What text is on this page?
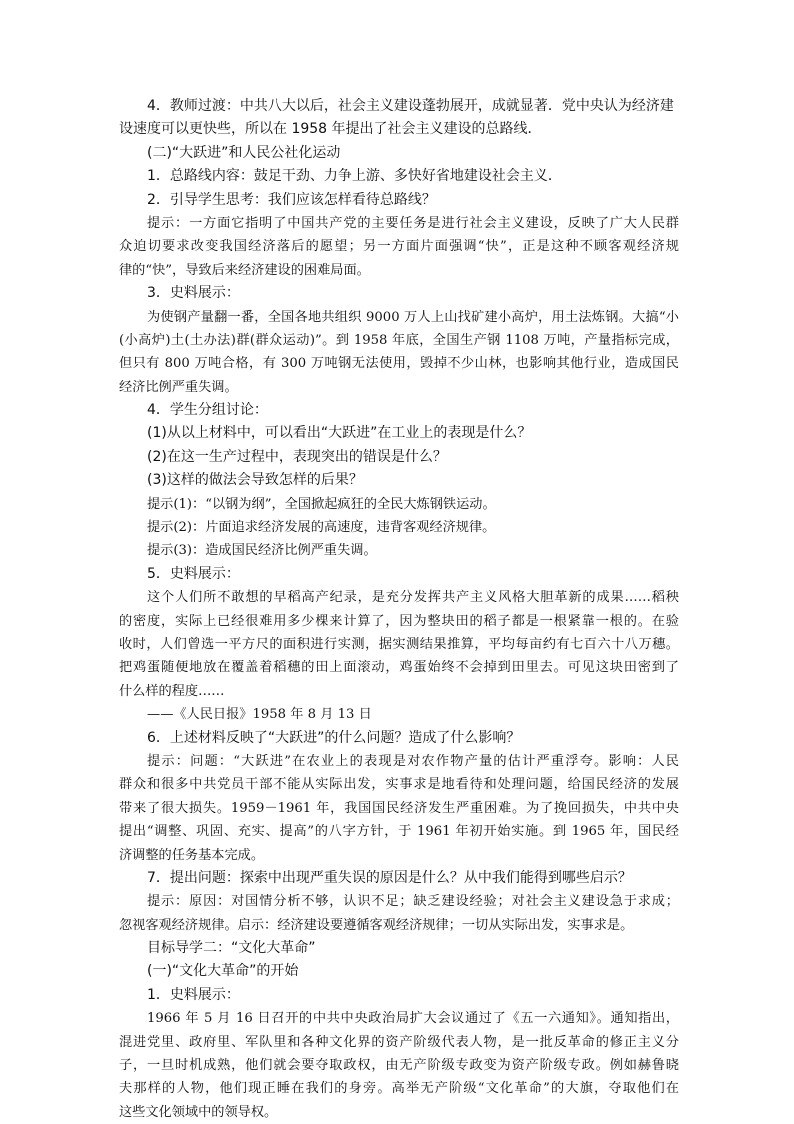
4．教师过渡：中共八大以后，社会主义建设蓬勃展开，成就显著．党中央认为经济建
设速度可以更快些，所以在 1958 年提出了社会主义建设的总路线．
(二)“大跃进”和人民公社化运动
1．总路线内容：鼓足干劲、力争上游、多快好省地建设社会主义．
2．引导学生思考：我们应该怎样看待总路线？
提示：一方面它指明了中国共产党的主要任务是进行社会主义建设，反映了广大人民群
众迫切要求改变我国经济落后的愿望；另一方面片面强调“快”，正是这种不顾客观经济规
律的“快”，导致后来经济建设的困难局面。
3．史料展示：
为使钢产量翻一番，全国各地共组织 9000 万人上山找矿建小高炉，用土法炼钢。大搞“小
(小高炉)土(土办法)群(群众运动)”。到 1958 年底，全国生产钢 1108 万吨，产量指标完成，
但只有 800 万吨合格，有 300 万吨钢无法使用，毁掉不少山林，也影响其他行业，造成国民
经济比例严重失调。
4．学生分组讨论：
(1)从以上材料中，可以看出“大跃进”在工业上的表现是什么？
(2)在这一生产过程中，表现突出的错误是什么？
(3)这样的做法会导致怎样的后果？
提示(1)：“以钢为纲”，全国掀起疯狂的全民大炼钢铁运动。
提示(2)：片面追求经济发展的高速度，违背客观经济规律。
提示(3)：造成国民经济比例严重失调。
5．史料展示：
这个人们所不敢想的早稻高产纪录，是充分发挥共产主义风格大胆革新的成果……稻秧
的密度，实际上已经很难用多少棵来计算了，因为整块田的稻子都是一根紧靠一根的。在验
收时，人们曾选一平方尺的面积进行实测，据实测结果推算，平均每亩约有七百六十八万穗。
把鸡蛋随便地放在覆盖着稻穗的田上面滚动，鸡蛋始终不会掉到田里去。可见这块田密到了
什么样的程度……
——《人民日报》1958 年 8 月 13 日
6．上述材料反映了“大跃进”的什么问题？造成了什么影响？
提示：问题：“大跃进”在农业上的表现是对农作物产量的估计严重浮夸。影响：人民
群众和很多中共党员干部不能从实际出发，实事求是地看待和处理问题，给国民经济的发展
带来了很大损失。1959－1961 年，我国国民经济发生严重困难。为了挽回损失，中共中央
提出“调整、巩固、充实、提高”的八字方针，于 1961 年初开始实施。到 1965 年，国民经
济调整的任务基本完成。
7．提出问题：探索中出现严重失误的原因是什么？从中我们能得到哪些启示？
提示：原因：对国情分析不够，认识不足；缺乏建设经验；对社会主义建设急于求成；
忽视客观经济规律。启示：经济建设要遵循客观经济规律；一切从实际出发，实事求是。
目标导学二：“文化大革命”
(一)“文化大革命”的开始
1．史料展示：
1966 年 5 月 16 日召开的中共中央政治局扩大会议通过了《五一六通知》。通知指出，
混进党里、政府里、军队里和各种文化界的资产阶级代表人物，是一批反革命的修正主义分
子，一旦时机成熟，他们就会要夺取政权，由无产阶级专政变为资产阶级专政。例如赫鲁晓
夫那样的人物，他们现正睡在我们的身旁。高举无产阶级“文化革命”的大旗，夺取他们在
这些文化领域中的领导权。
